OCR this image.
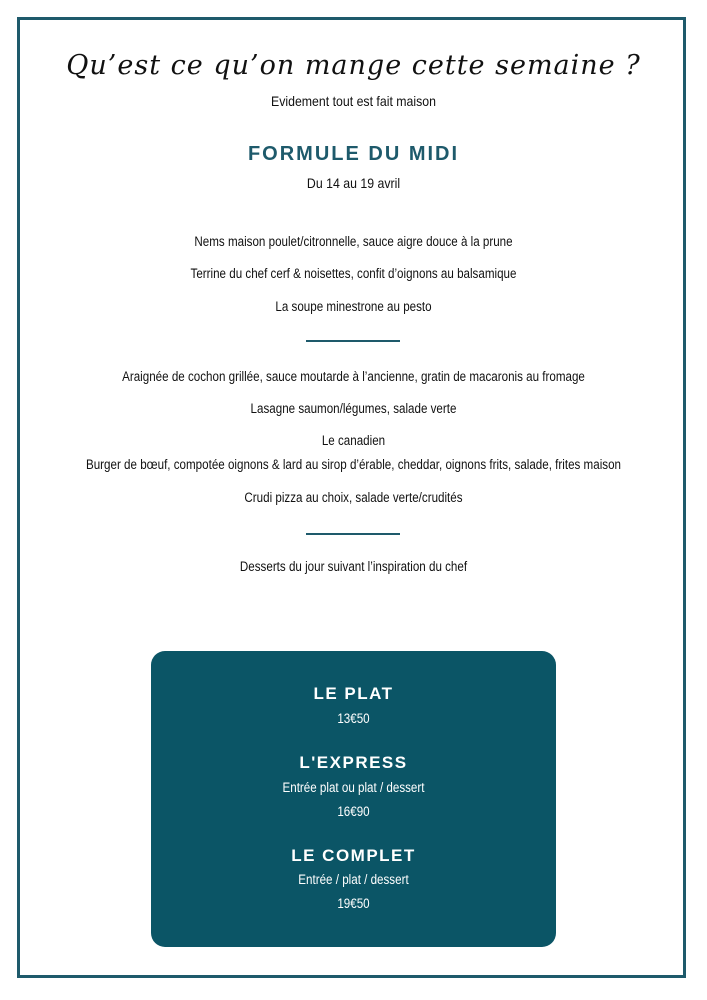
Qu’est ce qu’on mange cette semaine ?
Evidement tout est fait maison
FORMULE DU MIDI
Du 14 au 19 avril
Nems maison poulet/citronnelle, sauce aigre douce à la prune
Terrine du chef cerf & noisettes, confit d’oignons au balsamique
La soupe minestrone au pesto
Araignée de cochon grillée, sauce moutarde à l’ancienne, gratin de macaronis au fromage
Lasagne saumon/légumes, salade verte
Le canadien
Burger de bœuf, compotée oignons & lard au sirop d’érable, cheddar, oignons frits, salade, frites maison
Crudi pizza au choix, salade verte/crudités
Desserts du jour suivant l’inspiration du chef
LE PLAT
13€50
L'EXPRESS
Entrée plat ou plat / dessert
16€90
LE COMPLET
Entrée / plat / dessert
19€50
